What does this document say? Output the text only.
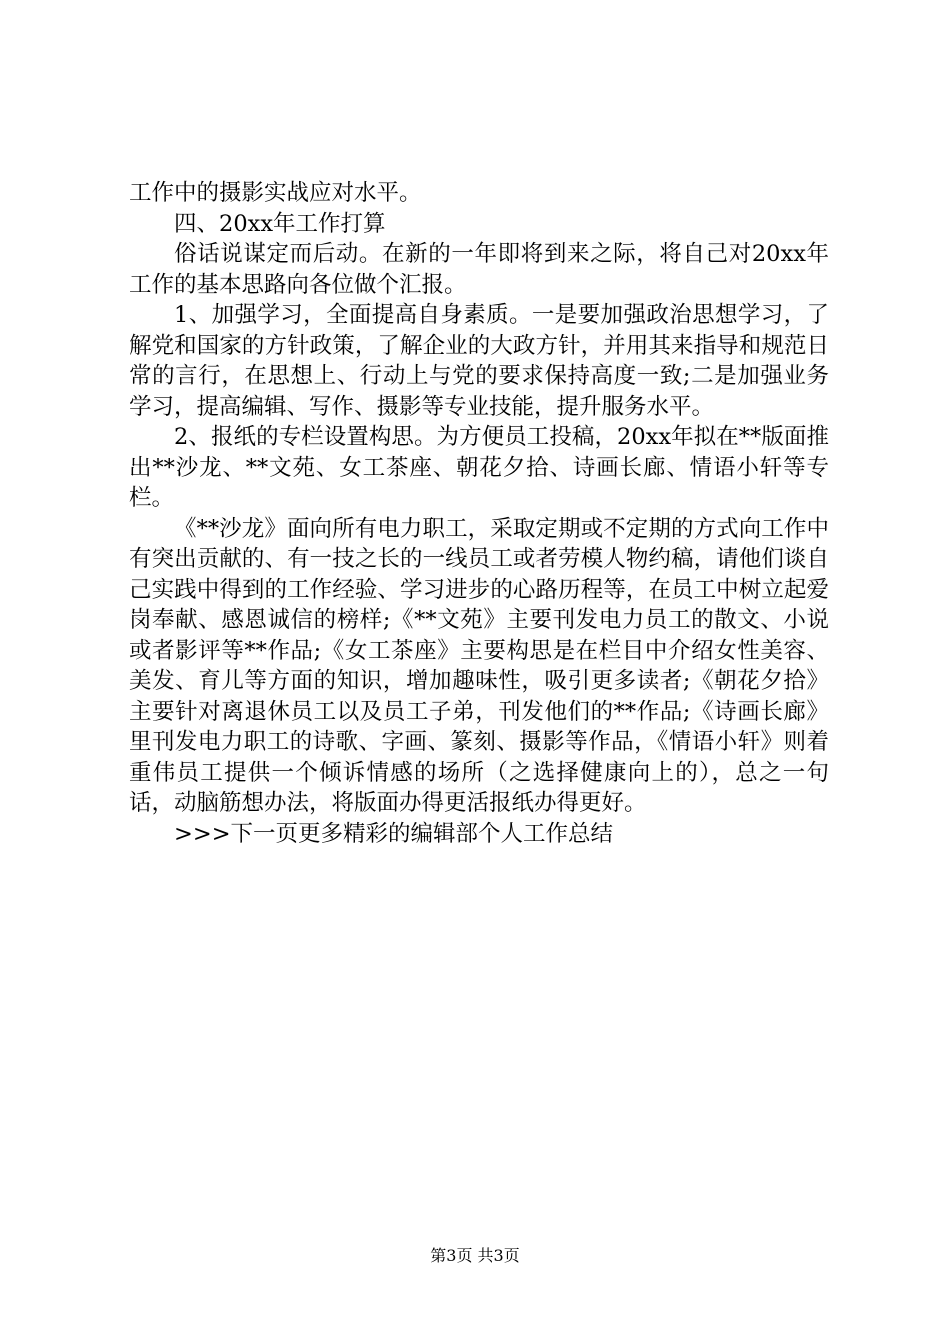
工作中的摄影实战应对水平。

四、20xx年工作打算

俗话说谋定而后动。在新的一年即将到来之际，将自己对20xx年工作的基本思路向各位做个汇报。

1、加强学习，全面提高自身素质。一是要加强政治思想学习，了解党和国家的方针政策，了解企业的大政方针，并用其来指导和规范日常的言行，在思想上、行动上与党的要求保持高度一致;二是加强业务学习，提高编辑、写作、摄影等专业技能，提升服务水平。

2、报纸的专栏设置构思。为方便员工投稿，20xx年拟在**版面推出**沙龙、**文苑、女工茶座、朝花夕拾、诗画长廊、情语小轩等专栏。

《**沙龙》面向所有电力职工，采取定期或不定期的方式向工作中有突出贡献的、有一技之长的一线员工或者劳模人物约稿，请他们谈自己实践中得到的工作经验、学习进步的心路历程等，在员工中树立起爱岗奉献、感恩诚信的榜样;《**文苑》主要刊发电力员工的散文、小说或者影评等**作品;《女工茶座》主要构思是在栏目中介绍女性美容、美发、育儿等方面的知识，增加趣味性，吸引更多读者;《朝花夕拾》主要针对离退休员工以及员工子弟，刊发他们的**作品;《诗画长廊》里刊发电力职工的诗歌、字画、篆刻、摄影等作品，《情语小轩》则着重伟员工提供一个倾诉情感的场所（之选择健康向上的），总之一句话，动脑筋想办法，将版面办得更活报纸办得更好。

>>>下一页更多精彩的编辑部个人工作总结

第3页 共3页
